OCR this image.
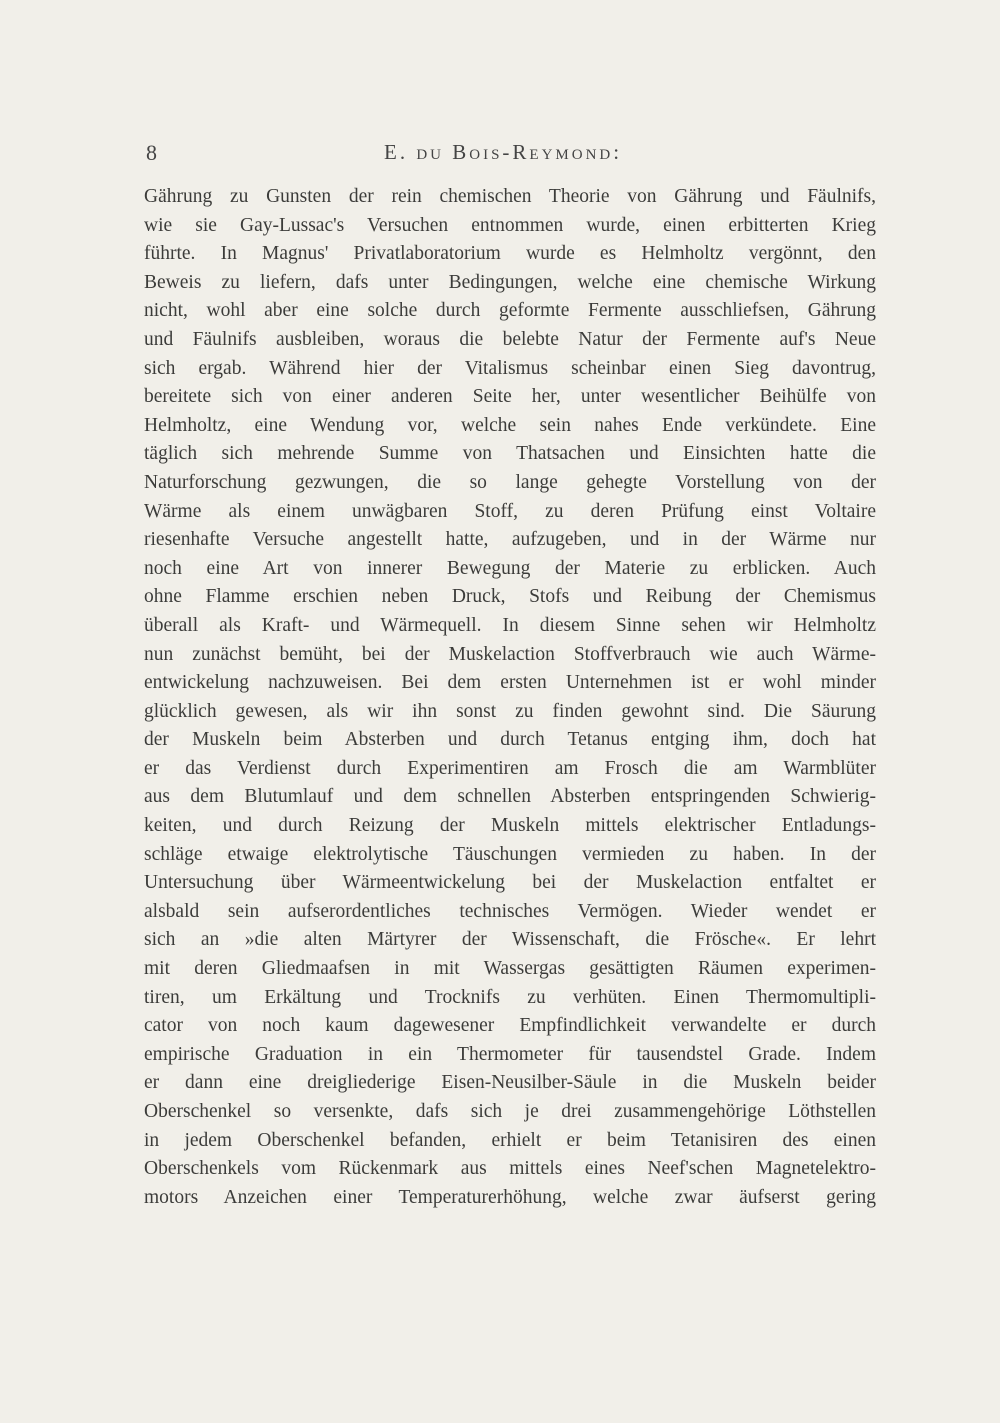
8	E. du Bois-Reymond:
Gährung zu Gunsten der rein chemischen Theorie von Gährung und Fäulnifs,
wie sie Gay-Lussac's Versuchen entnommen wurde, einen erbitterten Krieg
führte. In Magnus' Privatlaboratorium wurde es Helmholtz vergönnt, den
Beweis zu liefern, dafs unter Bedingungen, welche eine chemische Wirkung
nicht, wohl aber eine solche durch geformte Fermente ausschliefsen, Gährung
und Fäulnifs ausbleiben, woraus die belebte Natur der Fermente auf's Neue
sich ergab. Während hier der Vitalismus scheinbar einen Sieg davontrug,
bereitete sich von einer anderen Seite her, unter wesentlicher Beihülfe von
Helmholtz, eine Wendung vor, welche sein nahes Ende verkündete. Eine
täglich sich mehrende Summe von Thatsachen und Einsichten hatte die
Naturforschung gezwungen, die so lange gehegte Vorstellung von der
Wärme als einem unwägbaren Stoff, zu deren Prüfung einst Voltaire
riesenhafte Versuche angestellt hatte, aufzugeben, und in der Wärme nur
noch eine Art von innerer Bewegung der Materie zu erblicken. Auch
ohne Flamme erschien neben Druck, Stofs und Reibung der Chemismus
überall als Kraft- und Wärmequell. In diesem Sinne sehen wir Helmholtz
nun zunächst bemüht, bei der Muskelaction Stoffverbrauch wie auch Wärme-
entwickelung nachzuweisen. Bei dem ersten Unternehmen ist er wohl minder
glücklich gewesen, als wir ihn sonst zu finden gewohnt sind. Die Säurung
der Muskeln beim Absterben und durch Tetanus entging ihm, doch hat
er das Verdienst durch Experimentiren am Frosch die am Warmblüter
aus dem Blutumlauf und dem schnellen Absterben entspringenden Schwierig-
keiten, und durch Reizung der Muskeln mittels elektrischer Entladungs-
schläge etwaige elektrolytische Täuschungen vermieden zu haben. In der
Untersuchung über Wärmeentwickelung bei der Muskelaction entfaltet er
alsbald sein aufserordentliches technisches Vermögen. Wieder wendet er
sich an »die alten Märtyrer der Wissenschaft, die Frösche«. Er lehrt
mit deren Gliedmaafsen in mit Wassergas gesättigten Räumen experimen-
tiren, um Erkältung und Trocknifs zu verhüten. Einen Thermomultipli-
cator von noch kaum dagewesener Empfindlichkeit verwandelte er durch
empirische Graduation in ein Thermometer für tausendstel Grade. Indem
er dann eine dreigliederige Eisen-Neusilber-Säule in die Muskeln beider
Oberschenkel so versenkte, dafs sich je drei zusammengehörige Löthstellen
in jedem Oberschenkel befanden, erhielt er beim Tetanisiren des einen
Oberschenkels vom Rückenmark aus mittels eines Neef'schen Magnetelektro-
motors Anzeichen einer Temperaturerhöhung, welche zwar äufserst gering
